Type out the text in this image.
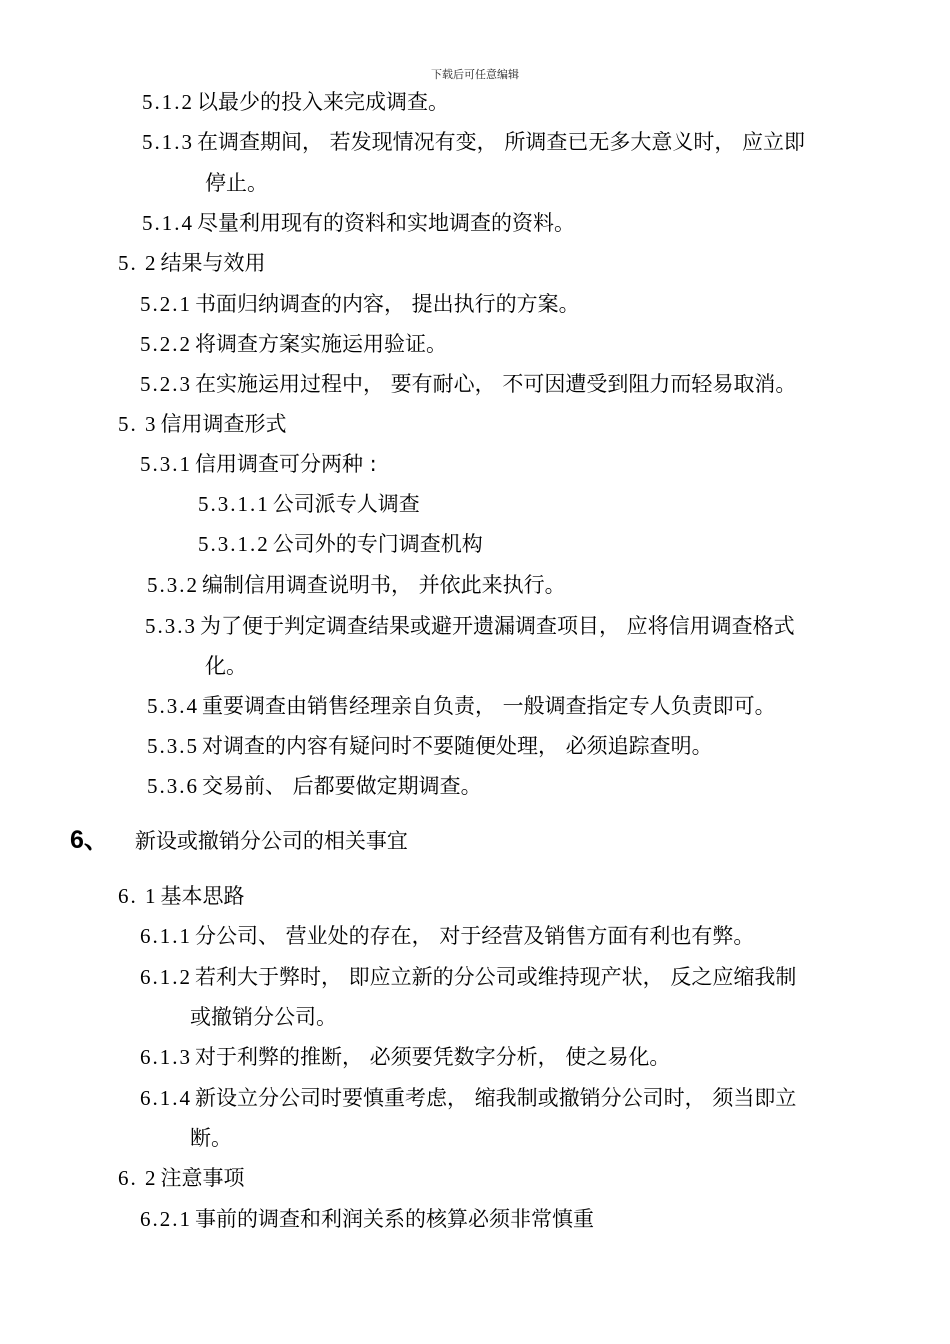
下载后可任意编辑
5.1.2 以最少的投入来完成调查。
5.1.3 在调查期间， 若发现情况有变， 所调查已无多大意义时， 应立即
停止。
5.1.4 尽量利用现有的资料和实地调查的资料。
5. 2 结果与效用
5.2.1 书面归纳调查的内容， 提出执行的方案。
5.2.2 将调查方案实施运用验证。
5.2.3 在实施运用过程中， 要有耐心， 不可因遭受到阻力而轻易取消。
5. 3 信用调查形式
5.3.1 信用调查可分两种 :
5.3.1.1 公司派专人调查
5.3.1.2 公司外的专门调查机构
5.3.2 编制信用调查说明书， 并依此来执行。
5.3.3 为了便于判定调查结果或避开遗漏调查项目， 应将信用调查格式
化。
5.3.4 重要调查由销售经理亲自负责， 一般调查指定专人负责即可。
5.3.5 对调查的内容有疑问时不要随便处理， 必须追踪查明。
5.3.6 交易前、 后都要做定期调查。
6、 新设或撤销分公司的相关事宜
6. 1 基本思路
6.1.1 分公司、 营业处的存在， 对于经营及销售方面有利也有弊。
6.1.2 若利大于弊时， 即应立新的分公司或维持现产状， 反之应缩我制
或撤销分公司。
6.1.3 对于利弊的推断， 必须要凭数字分析， 使之易化。
6.1.4 新设立分公司时要慎重考虑， 缩我制或撤销分公司时， 须当即立
断。
6. 2 注意事项
6.2.1 事前的调查和利润关系的核算必须非常慎重
